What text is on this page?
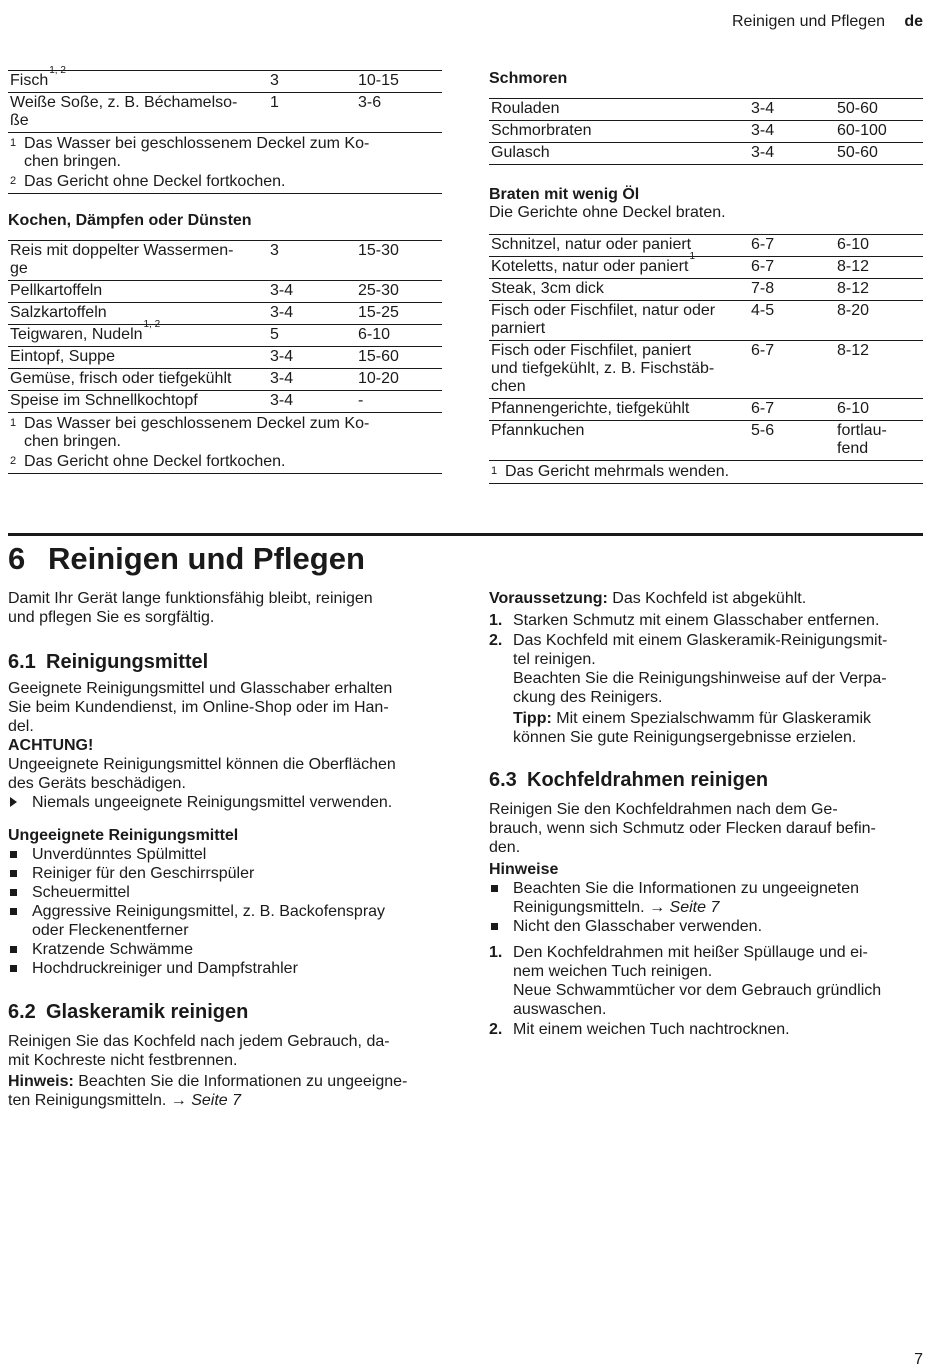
Reinigen und Pflegen de
Fisch$^{1, 2}$	3	10-15
Weiße Soße, z. B. Béchamelso-
ße	1	3-6
1 Das Wasser bei geschlossenem Deckel zum Ko-
chen bringen.
2 Das Gericht ohne Deckel fortkochen.
Kochen, Dämpfen oder Dünsten
Reis mit doppelter Wassermen-
ge	3	15-30
Pellkartoffeln	3-4	25-30
Salzkartoffeln	3-4	15-25
Teigwaren, Nudeln$^{1, 2}$	5	6-10
Eintopf, Suppe	3-4	15-60
Gemüse, frisch oder tiefgekühlt	3-4	10-20
Speise im Schnellkochtopf	3-4	-
1 Das Wasser bei geschlossenem Deckel zum Ko-
chen bringen.
2 Das Gericht ohne Deckel fortkochen.
Schmoren
Rouladen	3-4	50-60
Schmorbraten	3-4	60-100
Gulasch	3-4	50-60
Braten mit wenig Öl
Die Gerichte ohne Deckel braten.
Schnitzel, natur oder paniert	6-7	6-10
Koteletts, natur oder paniert$^1$	6-7	8-12
Steak, 3cm dick	7-8	8-12
Fisch oder Fischfilet, natur oder
parniert	4-5	8-20
Fisch oder Fischfilet, paniert
und tiefgekühlt, z. B. Fischstäb-
chen	6-7	8-12
Pfannengerichte, tiefgekühlt	6-7	6-10
Pfannkuchen	5-6	fortlau-
fend
1 Das Gericht mehrmals wenden.
6 Reinigen und Pflegen

Damit Ihr Gerät lange funktionsfähig bleibt, reinigen
und pflegen Sie es sorgfältig.

6.1 Reinigungsmittel

Geeignete Reinigungsmittel und Glasschaber erhalten
Sie beim Kundendienst, im Online-Shop oder im Han-
del.

ACHTUNG!

Ungeeignete Reinigungsmittel können die Oberflächen
des Geräts beschädigen.

Niemals ungeeignete Reinigungsmittel verwenden.

Ungeeignete Reinigungsmittel

Unverdünntes Spülmittel
Reiniger für den Geschirrspüler
Scheuermittel
Aggressive Reinigungsmittel, z. B. Backofenspray
oder Fleckenentferner
Kratzende Schwämme
Hochdruckreiniger und Dampfstrahler
6.2 Glaskeramik reinigen

Reinigen Sie das Kochfeld nach jedem Gebrauch, da-
mit Kochreste nicht festbrennen.

Hinweis: Beachten Sie die Informationen zu ungeeigne-
ten Reinigungsmitteln. → Seite 7

Voraussetzung: Das Kochfeld ist abgekühlt.

1. Starken Schmutz mit einem Glasschaber entfernen.
2. Das Kochfeld mit einem Glaskeramik-Reinigungsmit-
tel reinigen.
Beachten Sie die Reinigungshinweise auf der Verpa-
ckung des Reinigers.

Tipp: Mit einem Spezialschwamm für Glaskeramik
können Sie gute Reinigungsergebnisse erzielen.

6.3 Kochfeldrahmen reinigen

Reinigen Sie den Kochfeldrahmen nach dem Ge-
brauch, wenn sich Schmutz oder Flecken darauf befin-
den.

Hinweise

Beachten Sie die Informationen zu ungeeigneten
Reinigungsmitteln. → Seite 7
Nicht den Glasschaber verwenden.
1. Den Kochfeldrahmen mit heißer Spüllauge und ei-
nem weichen Tuch reinigen.
Neue Schwammtücher vor dem Gebrauch gründlich
auswaschen.
2. Mit einem weichen Tuch nachtrocknen.
7
